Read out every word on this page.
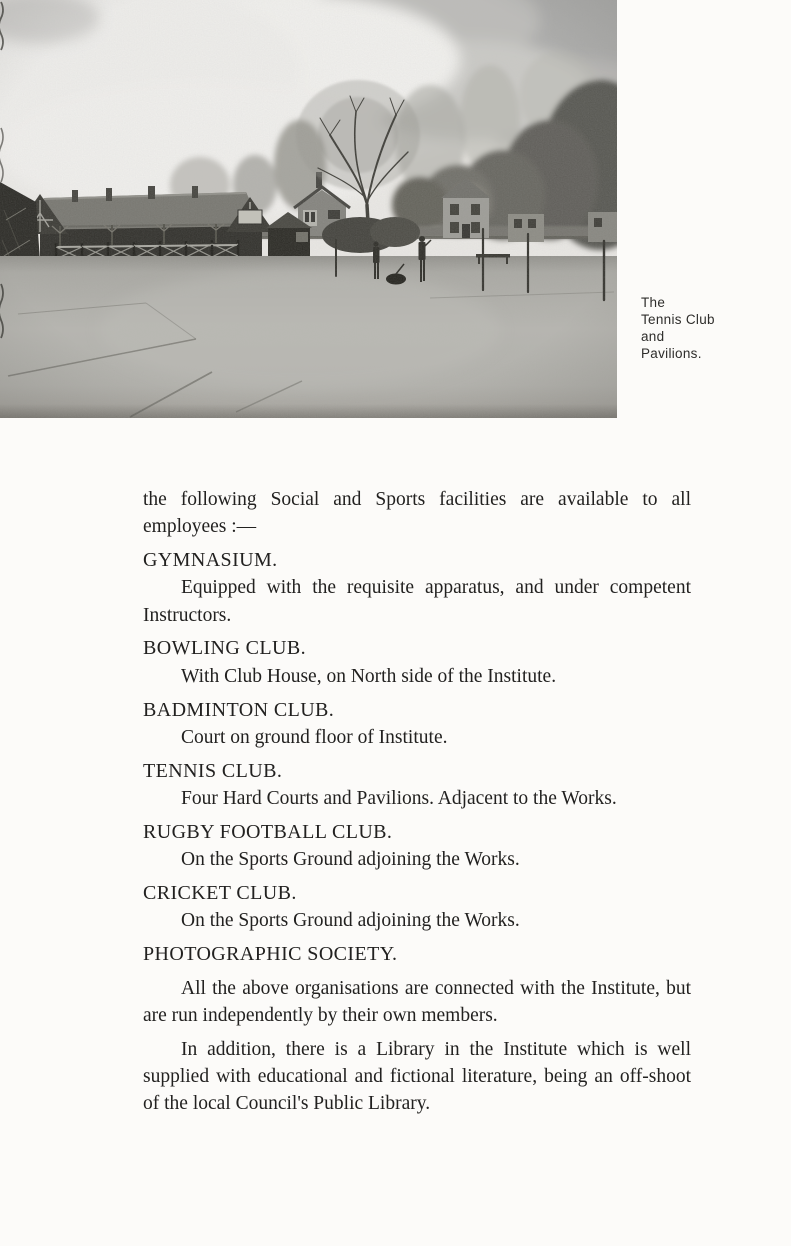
The
Tennis Club
and
Pavilions.

the following Social and Sports facilities are available to all employees :—

GYMNASIUM.

Equipped with the requisite apparatus, and under competent Instructors.

BOWLING CLUB.

With Club House, on North side of the Institute.

BADMINTON CLUB.

Court on ground floor of Institute.

TENNIS CLUB.

Four Hard Courts and Pavilions. Adjacent to the Works.

RUGBY FOOTBALL CLUB.

On the Sports Ground adjoining the Works.

CRICKET CLUB.

On the Sports Ground adjoining the Works.

PHOTOGRAPHIC SOCIETY.

All the above organisations are connected with the Institute, but are run independently by their own members.

In addition, there is a Library in the Institute which is well supplied with educational and fictional literature, being an off-shoot of the local Council's Public Library.
